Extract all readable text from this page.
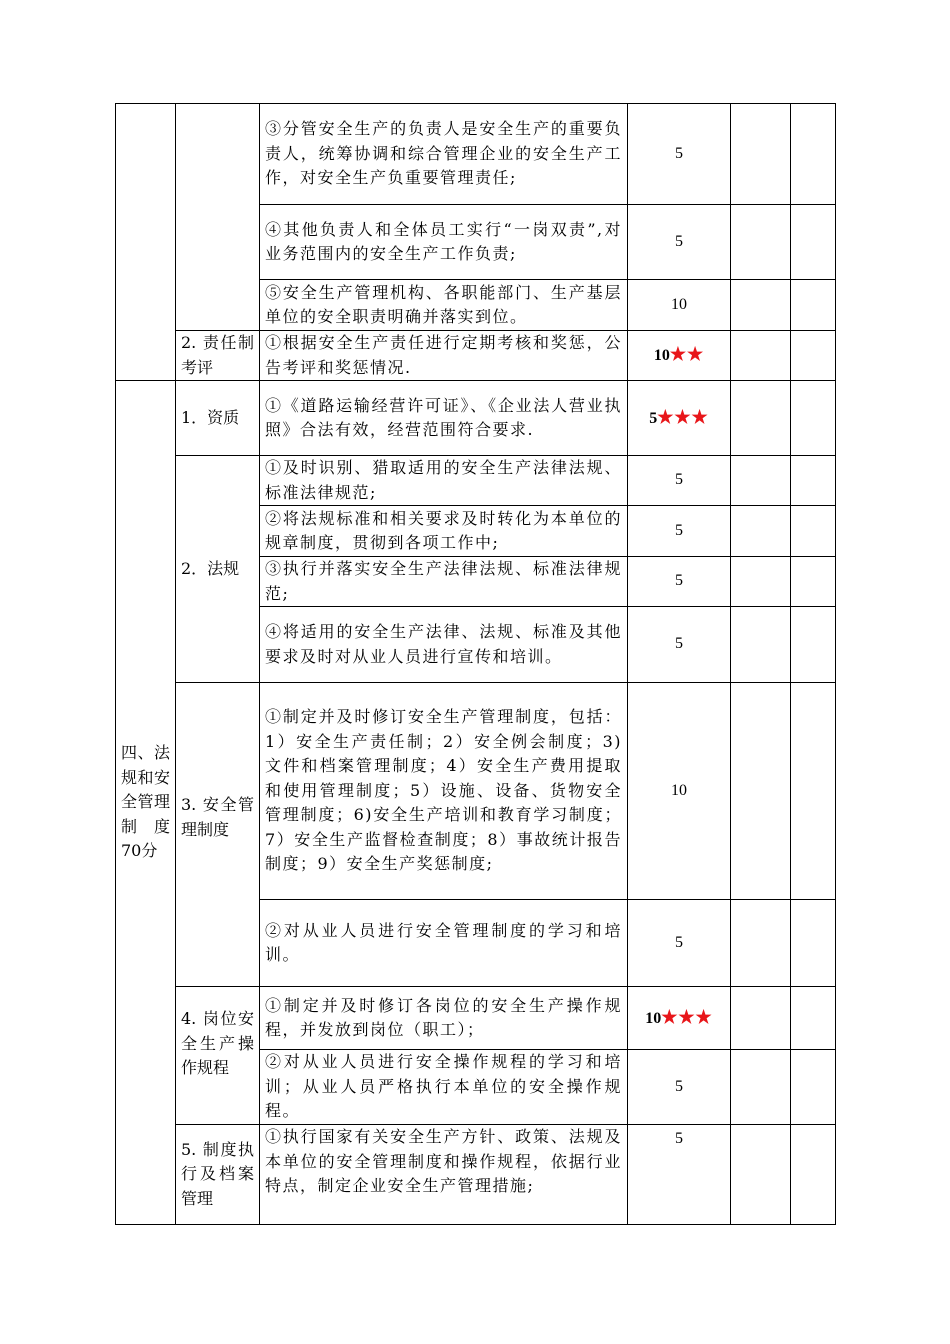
		③分管安全生产的负责人是安全生产的重要负责人，统筹协调和综合管理企业的安全生产工作，对安全生产负重要管理责任;	5		
		④其他负责人和全体员工实行“一岗双责”,对业务范围内的安全生产工作负责;	5		
		⑤安全生产管理机构、各职能部门、生产基层单位的安全职责明确并落实到位。	10		
	2. 责任制考评	①根据安全生产责任进行定期考核和奖惩，公告考评和奖惩情况.	10★★		
四、法规和安全管理制度70分	1．资质	①《道路运输经营许可证》、《企业法人营业执照》合法有效，经营范围符合要求.	5★★★		
	2．法规	①及时识别、猎取适用的安全生产法律法规、标准法律规范;	5		
		②将法规标准和相关要求及时转化为本单位的规章制度，贯彻到各项工作中;	5		
		③执行并落实安全生产法律法规、标准法律规范;	5		
		④将适用的安全生产法律、法规、标准及其他要求及时对从业人员进行宣传和培训。	5		
	3. 安全管理制度	①制定并及时修订安全生产管理制度，包括：1）安全生产责任制；2）安全例会制度；3)文件和档案管理制度；4）安全生产费用提取和使用管理制度；5）设施、设备、货物安全管理制度；6)安全生产培训和教育学习制度；7）安全生产监督检查制度；8）事故统计报告制度；9）安全生产奖惩制度;	10		
		②对从业人员进行安全管理制度的学习和培训。	5		
	4. 岗位安全生产操作规程	①制定并及时修订各岗位的安全生产操作规程，并发放到岗位（职工）；	10★★★		
		②对从业人员进行安全操作规程的学习和培训；从业人员严格执行本单位的安全操作规程。	5		
	5. 制度执行及档案管理	①执行国家有关安全生产方针、政策、法规及本单位的安全管理制度和操作规程，依据行业特点，制定企业安全生产管理措施;	5		
